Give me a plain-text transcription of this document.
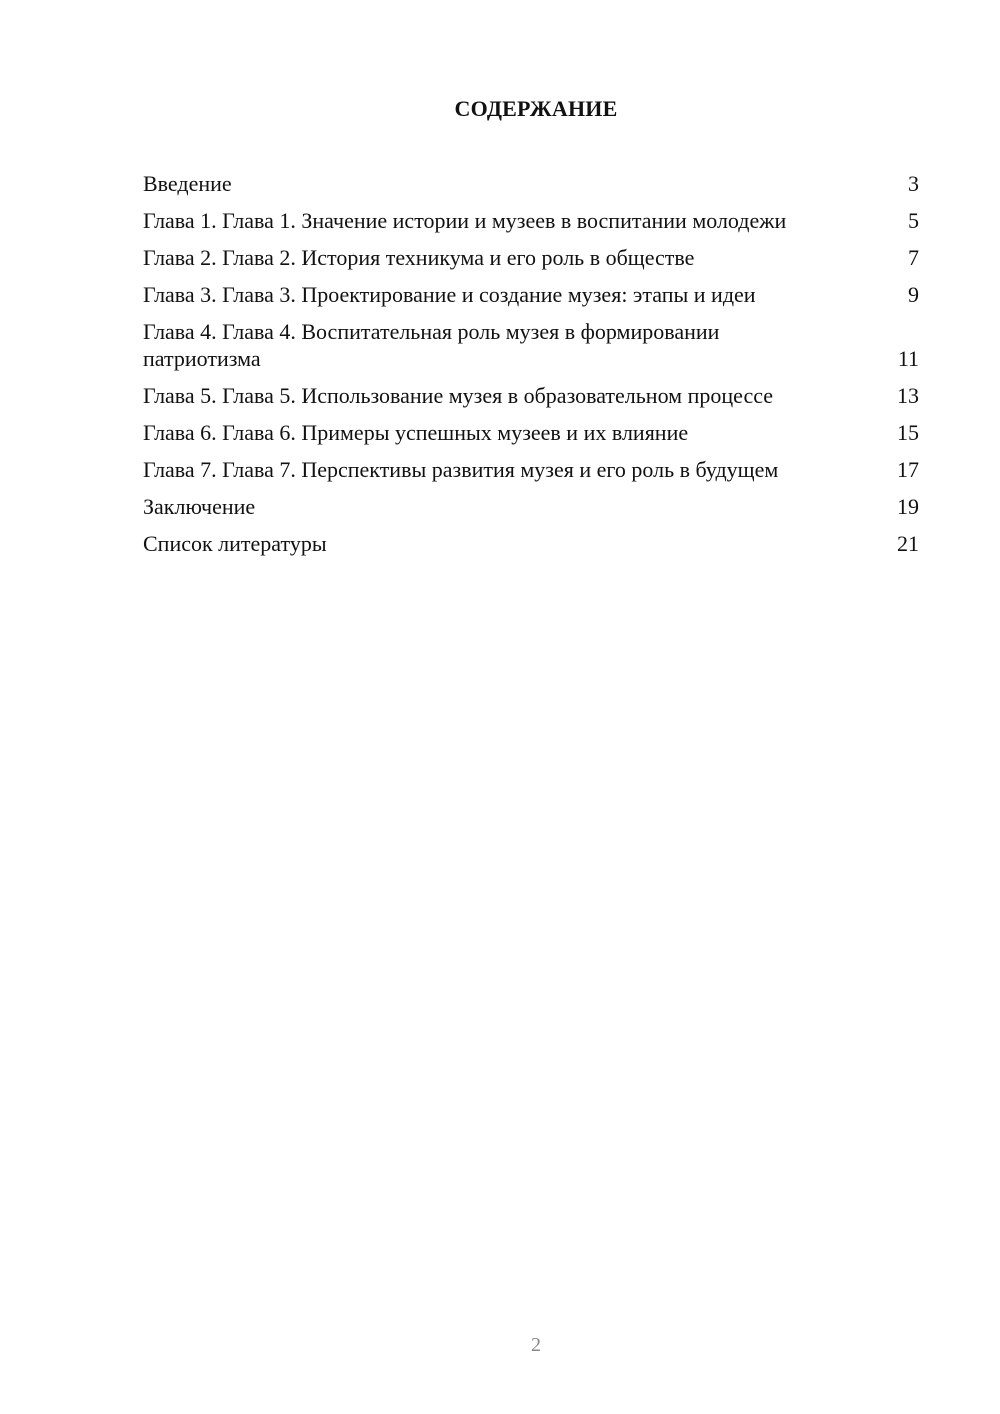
СОДЕРЖАНИЕ
Введение	3
Глава 1. Глава 1. Значение истории и музеев в воспитании молодежи	5
Глава 2. Глава 2. История техникума и его роль в обществе	7
Глава 3. Глава 3. Проектирование и создание музея: этапы и идеи	9
Глава 4. Глава 4. Воспитательная роль музея в формировании патриотизма	11
Глава 5. Глава 5. Использование музея в образовательном процессе	13
Глава 6. Глава 6. Примеры успешных музеев и их влияние	15
Глава 7. Глава 7. Перспективы развития музея и его роль в будущем	17
Заключение	19
Список литературы	21
2
